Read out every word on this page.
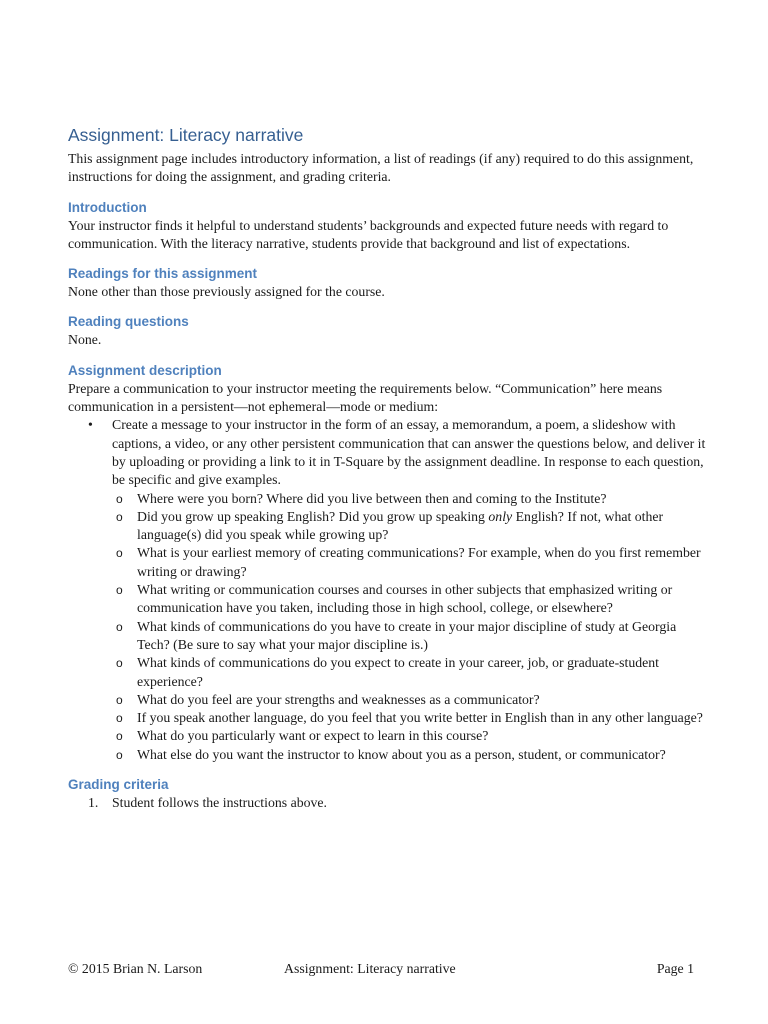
Assignment: Literacy narrative

This assignment page includes introductory information, a list of readings (if any) required to do this assignment, instructions for doing the assignment, and grading criteria.

Introduction

Your instructor finds it helpful to understand students’ backgrounds and expected future needs with regard to communication. With the literacy narrative, students provide that background and list of expectations.

Readings for this assignment

None other than those previously assigned for the course.

Reading questions

None.

Assignment description

Prepare a communication to your instructor meeting the requirements below. “Communication” here means communication in a persistent—not ephemeral—mode or medium:

• Create a message to your instructor in the form of an essay, a memorandum, a poem, a slideshow with captions, a video, or any other persistent communication that can answer the questions below, and deliver it by uploading or providing a link to it in T-Square by the assignment deadline. In response to each question, be specific and give examples.
o Where were you born? Where did you live between then and coming to the Institute?
o Did you grow up speaking English? Did you grow up speaking only English? If not, what other language(s) did you speak while growing up?
o What is your earliest memory of creating communications? For example, when do you first remember writing or drawing?
o What writing or communication courses and courses in other subjects that emphasized writing or communication have you taken, including those in high school, college, or elsewhere?
o What kinds of communications do you have to create in your major discipline of study at Georgia Tech? (Be sure to say what your major discipline is.)
o What kinds of communications do you expect to create in your career, job, or graduate-student experience?
o What do you feel are your strengths and weaknesses as a communicator?
o If you speak another language, do you feel that you write better in English than in any other language?
o What do you particularly want or expect to learn in this course?
o What else do you want the instructor to know about you as a person, student, or communicator?
Grading criteria
1. Student follows the instructions above.
© 2015 Brian N. Larson	Assignment: Literacy narrative	Page 1
